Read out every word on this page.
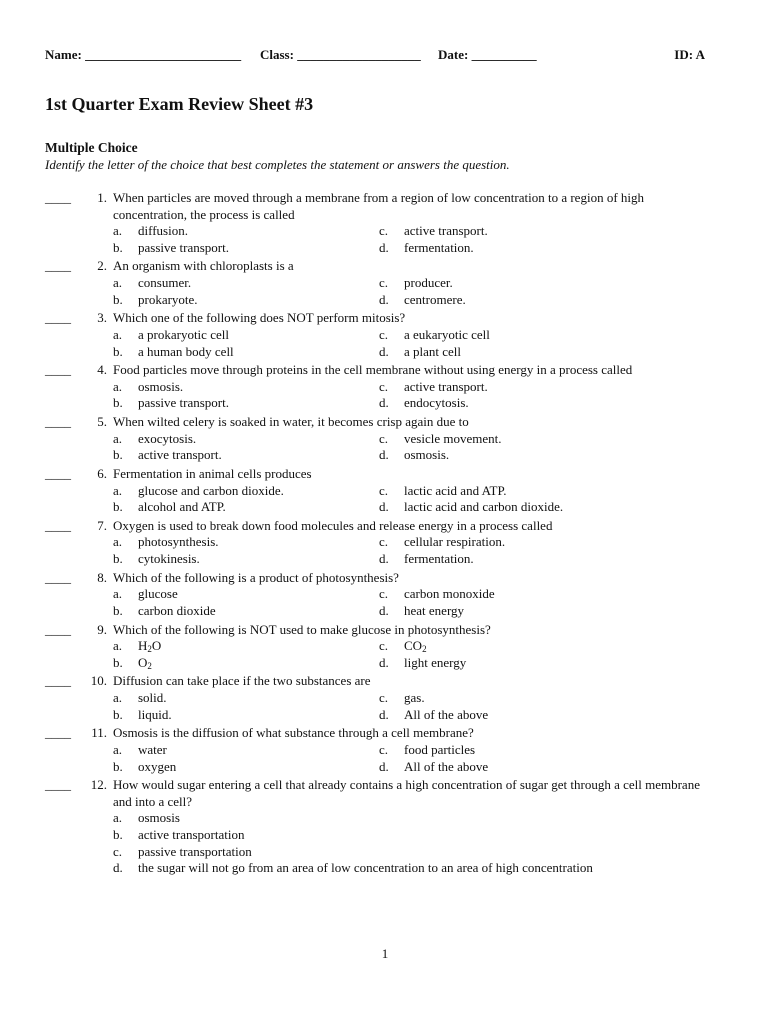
Name: ________________________ Class: ___________________ Date: __________	ID: A
1st Quarter Exam Review Sheet #3
Multiple Choice
Identify the letter of the choice that best completes the statement or answers the question.
____	1. When particles are moved through a membrane from a region of low concentration to a region of high concentration, the process is called
a. diffusion.	c. active transport.
b. passive transport.	d. fermentation.
____	2. An organism with chloroplasts is a
a. consumer.	c. producer.
b. prokaryote.	d. centromere.
____	3. Which one of the following does NOT perform mitosis?
a. a prokaryotic cell	c. a eukaryotic cell
b. a human body cell	d. a plant cell
____	4. Food particles move through proteins in the cell membrane without using energy in a process called
a. osmosis.	c. active transport.
b. passive transport.	d. endocytosis.
____	5. When wilted celery is soaked in water, it becomes crisp again due to
a. exocytosis.	c. vesicle movement.
b. active transport.	d. osmosis.
____	6. Fermentation in animal cells produces
a. glucose and carbon dioxide.	c. lactic acid and ATP.
b. alcohol and ATP.	d. lactic acid and carbon dioxide.
____	7. Oxygen is used to break down food molecules and release energy in a process called
a. photosynthesis.	c. cellular respiration.
b. cytokinesis.	d. fermentation.
____	8. Which of the following is a product of photosynthesis?
a. glucose	c. carbon monoxide
b. carbon dioxide	d. heat energy
____	9. Which of the following is NOT used to make glucose in photosynthesis?
a. $H_2O$	c. $CO_2$
b. $O_2$	d. light energy
____	10. Diffusion can take place if the two substances are
a. solid.	c. gas.
b. liquid.	d. All of the above
____	11. Osmosis is the diffusion of what substance through a cell membrane?
a. water	c. food particles
b. oxygen	d. All of the above
____	12. How would sugar entering a cell that already contains a high concentration of sugar get through a cell membrane and into a cell?
a. osmosis
b. active transportation
c. passive transportation
d. the sugar will not go from an area of low concentration to an area of high concentration
1
